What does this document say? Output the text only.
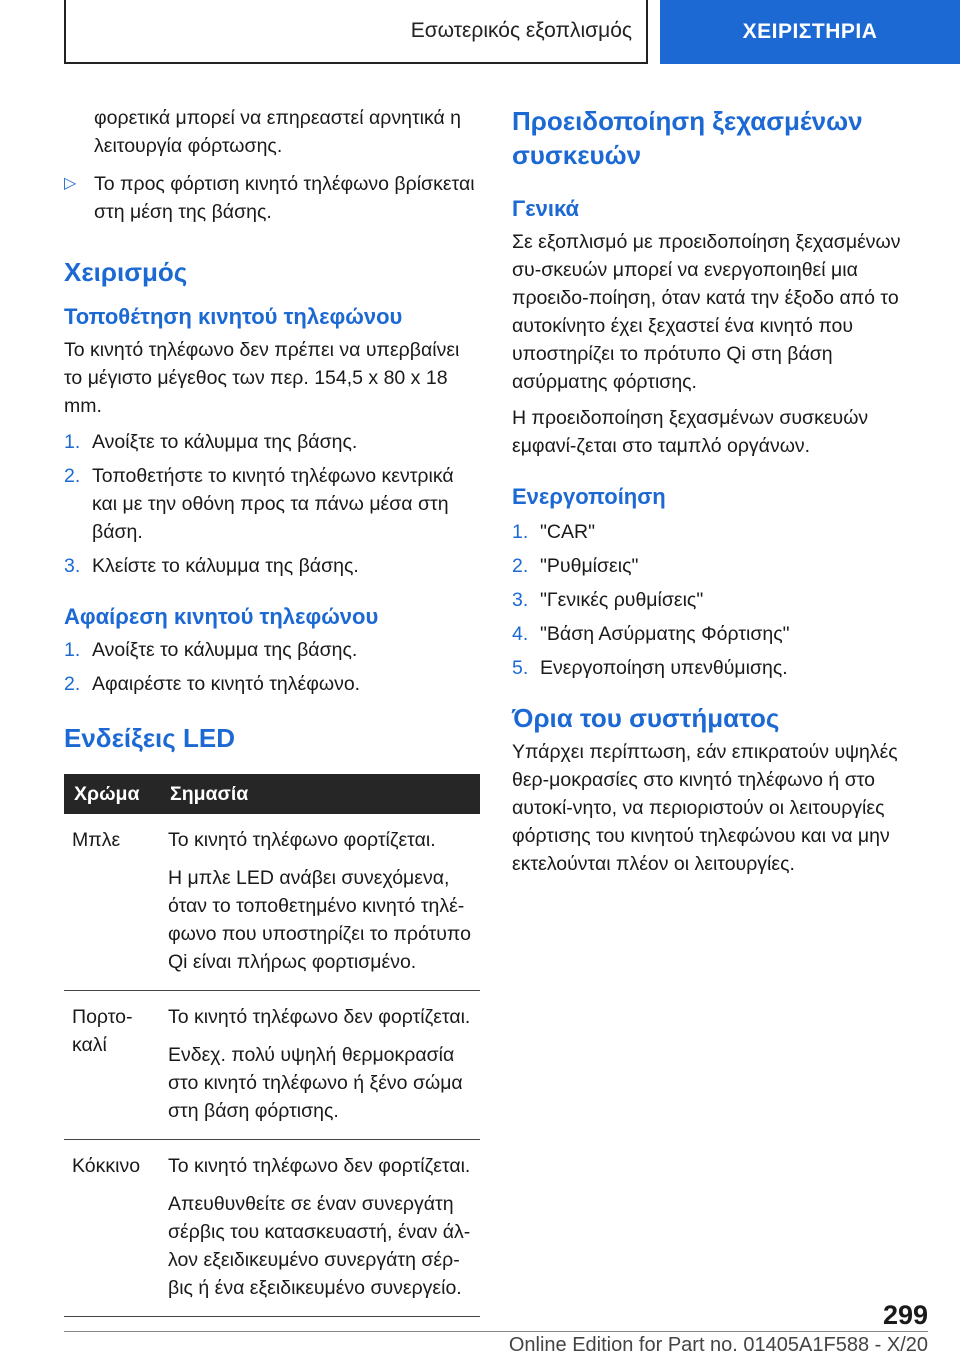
Εσωτερικός εξοπλισμός	ΧΕΙΡΙΣΤΗΡΙΑ

φορετικά μπορεί να επηρεαστεί αρνητικά η λειτουργία φόρτωσης.

▷ Το προς φόρτιση κινητό τηλέφωνο βρίσκεται στη μέση της βάσης.

Χειρισμός
Τοποθέτηση κινητού τηλεφώνου

Το κινητό τηλέφωνο δεν πρέπει να υπερβαίνει το μέγιστο μέγεθος των περ. 154,5 x 80 x 18 mm.

1. Ανοίξτε το κάλυμμα της βάσης.

2. Τοποθετήστε το κινητό τηλέφωνο κεντρικά και με την οθόνη προς τα πάνω μέσα στη βάση.

3. Κλείστε το κάλυμμα της βάσης.

Αφαίρεση κινητού τηλεφώνου
1. Ανοίξτε το κάλυμμα της βάσης.

2. Αφαιρέστε το κινητό τηλέφωνο.

Ενδείξεις LED
Χρώμα	Σημασία
Μπλε	Το κινητό τηλέφωνο φορτίζεται.

Η μπλε LED ανάβει συνεχόμενα, όταν το τοποθετημένο κινητό τηλέ-φωνο που υποστηρίζει το πρότυπο Qi είναι πλήρως φορτισμένο.

Πορτο-καλί	Το κινητό τηλέφωνο δεν φορτίζεται.

Ενδεχ. πολύ υψηλή θερμοκρασία στο κινητό τηλέφωνο ή ξένο σώμα στη βάση φόρτισης.

Κόκκινο	Το κινητό τηλέφωνο δεν φορτίζεται.

Απευθυνθείτε σε έναν συνεργάτη σέρβις του κατασκευαστή, έναν άλ-λον εξειδικευμένο συνεργάτη σέρ-βις ή ένα εξειδικευμένο συνεργείο.

Προειδοποίηση ξεχασμένων συσκευών
Γενικά

Σε εξοπλισμό με προειδοποίηση ξεχασμένων συ-σκευών μπορεί να ενεργοποιηθεί μια προειδο-ποίηση, όταν κατά την έξοδο από το αυτοκίνητο έχει ξεχαστεί ένα κινητό που υποστηρίζει το πρότυπο Qi στη βάση ασύρματης φόρτισης.

Η προειδοποίηση ξεχασμένων συσκευών εμφανί-ζεται στο ταμπλό οργάνων.

Ενεργοποίηση
1. "CAR"

2. "Ρυθμίσεις"

3. "Γενικές ρυθμίσεις"

4. "Βάση Ασύρματης Φόρτισης"

5. Ενεργοποίηση υπενθύμισης.

Όρια του συστήματος

Υπάρχει περίπτωση, εάν επικρατούν υψηλές θερ-μοκρασίες στο κινητό τηλέφωνο ή στο αυτοκί-νητο, να περιοριστούν οι λειτουργίες φόρτισης του κινητού τηλεφώνου και να μην εκτελούνται πλέον οι λειτουργίες.

299
Online Edition for Part no. 01405A1F588 - X/20
